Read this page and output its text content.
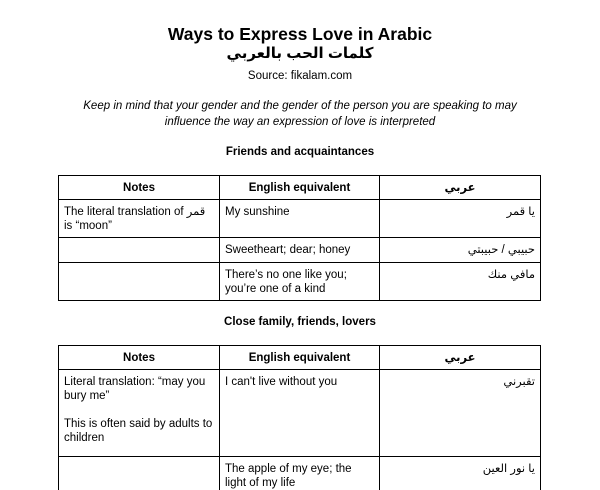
Ways to Express Love in Arabic
كلمات الحب بالعربي
Source: fikalam.com
Keep in mind that your gender and the gender of the person you are speaking to may influence the way an expression of love is interpreted
Friends and acquaintances
Notes	English equivalent	عربي
The literal translation of قمر is “moon”	My sunshine	يا قمر
	Sweetheart; dear; honey	حبيبي / حبيبتي
	There’s no one like you; you’re one of a kind	مافي منك
Close family, friends, lovers
Notes	English equivalent	عربي
Literal translation: “may you bury me”
This is often said by adults to children	I can't live without you	تقبرني
	The apple of my eye; the light of my life	يا نور العين
